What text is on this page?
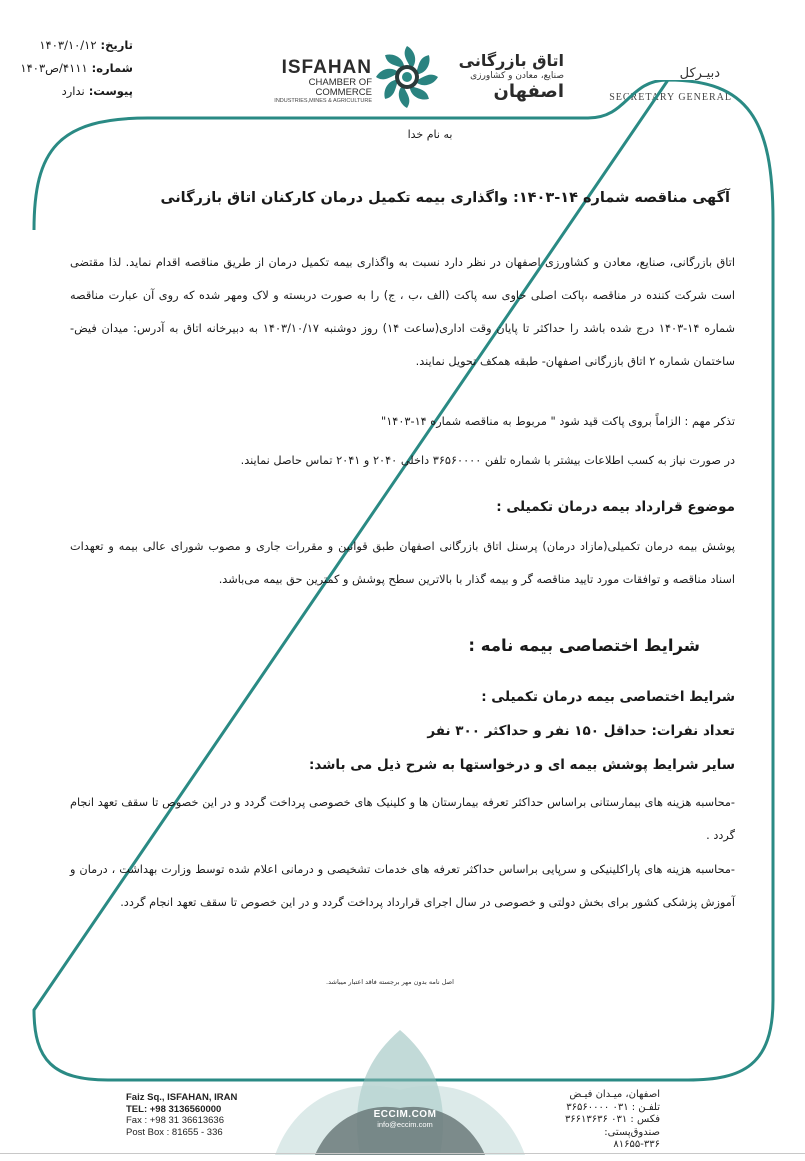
تاریخ:۱۴۰۳/۱۰/۱۲
شماره:۴۱۱۱/ص۱۴۰۳
پیوست:ندارد
ISFAHAN
CHAMBER OF COMMERCE
INDUSTRIES,MINES & AGRICULTURE
اتاق بازرگانی
صنایع، معادن و کشاورزی
اصفهان
دبیـرکل
SECRETARY GENERAL
به نام خدا
آگهی مناقصه شماره ۱۴-۱۴۰۳: واگذاری بیمه تکمیل درمان کارکنان اتاق بازرگانی
اتاق بازرگانی، صنایع، معادن و کشاورزی اصفهان در نظر دارد نسبت به واگذاری بیمه تکمیل درمان از طریق مناقصه اقدام نماید. لذا مقتضی است شرکت کننده در مناقصه ،پاکت اصلی حاوی سه پاکت (الف ،ب ، ج) را به صورت دربسته و لاک ومهر شده که روی آن عبارت مناقصه شماره ۱۴-۱۴۰۳ درج شده باشد را حداکثر تا پایان وقت اداری(ساعت ۱۴) روز دوشنبه ۱۴۰۳/۱۰/۱۷ به دبیرخانه اتاق به آدرس: میدان فیض- ساختمان شماره ۲ اتاق بازرگانی اصفهان- طبقه همکف تحویل نمایند.
تذکر مهم : الزاماً بروی پاکت قید شود " مربوط به مناقصه شماره ۱۴-۱۴۰۳"
در صورت نیاز به کسب اطلاعات بیشتر با شماره تلفن ۳۶۵۶۰۰۰۰ داخلی ۲۰۴۰ و ۲۰۴۱ تماس حاصل نمایند.
موضوع قرارداد بیمه درمان تکمیلی :
پوشش بیمه درمان تکمیلی(مازاد درمان) پرسنل اتاق بازرگانی اصفهان طبق قوانین و مقررات جاری و مصوب شورای عالی بیمه و تعهدات اسناد مناقصه و توافقات مورد تایید مناقصه گر و بیمه گذار با بالاترین سطح پوشش و کمترین حق بیمه می‌باشد.
شرایط اختصاصی بیمه نامه :
شرایط اختصاصی بیمه درمان تکمیلی :
تعداد نفرات: حداقل ۱۵۰ نفر و حداکثر ۳۰۰ نفر
سایر شرایط پوشش بیمه ای و درخواستها به شرح ذیل می باشد:
-محاسبه هزینه های بیمارستانی براساس حداکثر تعرفه بیمارستان ها و کلینیک های خصوصی پرداخت گردد و در این خصوص تا سقف تعهد انجام گردد .
-محاسبه هزینه های پاراکلینیکی و سرپایی براساس حداکثر تعرفه های خدمات تشخیصی و درمانی اعلام شده توسط وزارت بهداشت ، درمان و آموزش پزشکی کشور برای بخش دولتی و خصوصی در سال اجرای قرارداد پرداخت گردد و در این خصوص تا سقف تعهد انجام گردد.
اصل نامه بدون مهر برجسته فاقد اعتبار میباشد.
ECCIM.COM
info@eccim.com
Faiz Sq., ISFAHAN, IRAN
TEL: +98 3136560000
Fax : +98 31 36613636
Post Box : 81655 - 336
اصفهان، میـدان فیـض
تلفـن : ۰۳۱ ۳۶۵۶۰۰۰۰
فکس : ۰۳۱ ۳۶۶۱۳۶۳۶
صندوق‌پستی: ۳۳۶-۸۱۶۵۵
